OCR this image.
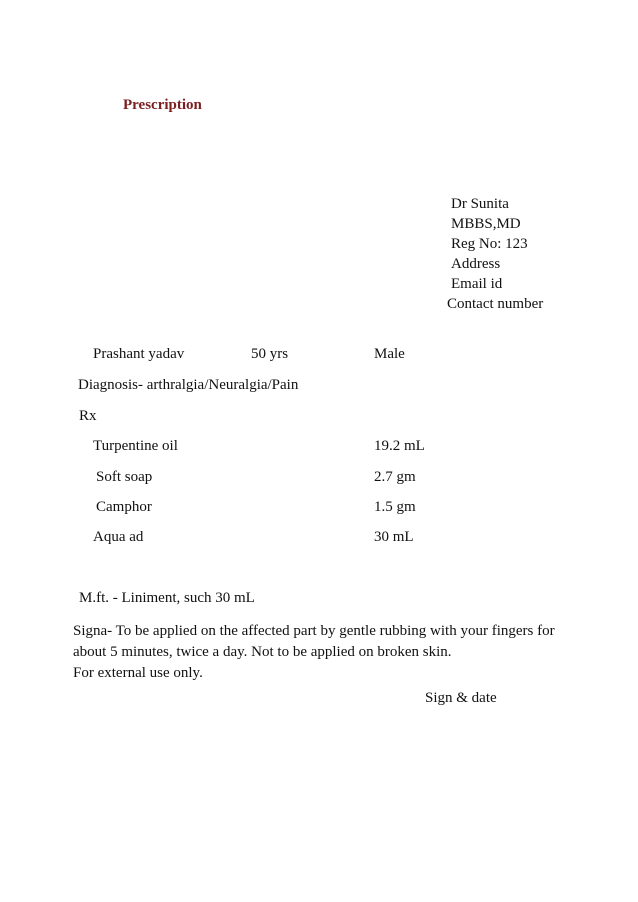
Prescription
Dr Sunita
MBBS,MD
Reg No: 123
Address
Email id
Contact number
Prashant yadav	50 yrs	Male
Diagnosis- arthralgia/Neuralgia/Pain
Rx
Turpentine oil	19.2 mL
Soft soap	2.7 gm
Camphor	1.5 gm
Aqua ad	30 mL
M.ft. - Liniment, such 30 mL
Signa- To be applied on the affected part by gentle rubbing with your fingers for
about 5 minutes, twice a day. Not to be applied on broken skin.
For external use only.
Sign & date
